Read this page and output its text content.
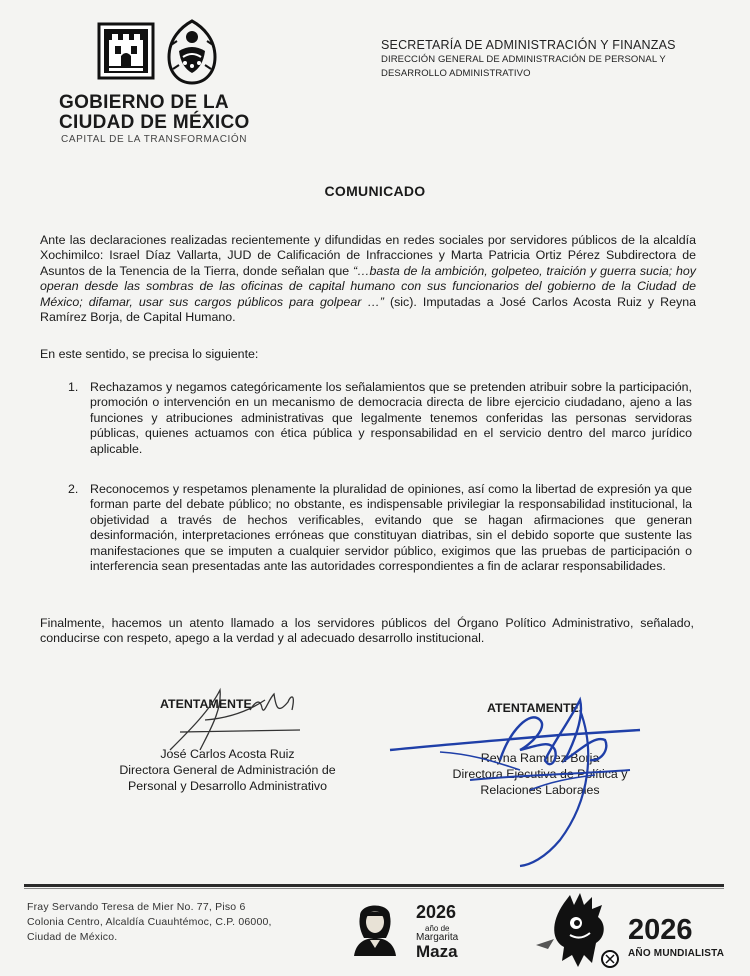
GOBIERNO DE LA
CIUDAD DE MÉXICO
CAPITAL DE LA TRANSFORMACIÓN
SECRETARÍA DE ADMINISTRACIÓN Y FINANZAS
DIRECCIÓN GENERAL DE ADMINISTRACIÓN DE PERSONAL Y
DESARROLLO ADMINISTRATIVO
COMUNICADO
Ante las declaraciones realizadas recientemente y difundidas en redes sociales por servidores públicos de la alcaldía Xochimilco: Israel Díaz Vallarta, JUD de Calificación de Infracciones y Marta Patricia Ortiz Pérez Subdirectora de Asuntos de la Tenencia de la Tierra, donde señalan que “…basta de la ambición, golpeteo, traición y guerra sucia; hoy operan desde las sombras de las oficinas de capital humano con sus funcionarios del gobierno de la Ciudad de México; difamar, usar sus cargos públicos para golpear …” (sic). Imputadas a José Carlos Acosta Ruiz y Reyna Ramírez Borja, de Capital Humano.
En este sentido, se precisa lo siguiente:
1. Rechazamos y negamos categóricamente los señalamientos que se pretenden atribuir sobre la participación, promoción o intervención en un mecanismo de democracia directa de libre ejercicio ciudadano, ajeno a las funciones y atribuciones administrativas que legalmente tenemos conferidas las personas servidoras públicas, quienes actuamos con ética pública y responsabilidad en el servicio dentro del marco jurídico aplicable.
2. Reconocemos y respetamos plenamente la pluralidad de opiniones, así como la libertad de expresión ya que forman parte del debate público; no obstante, es indispensable privilegiar la responsabilidad institucional, la objetividad a través de hechos verificables, evitando que se hagan afirmaciones que generan desinformación, interpretaciones erróneas que constituyan diatribas, sin el debido soporte que sustente las manifestaciones que se imputen a cualquier servidor público, exigimos que las pruebas de participación o interferencia sean presentadas ante las autoridades correspondientes a fin de aclarar responsabilidades.
Finalmente, hacemos un atento llamado a los servidores públicos del Órgano Político Administrativo, señalado, conducirse con respeto, apego a la verdad y al adecuado desarrollo institucional.
ATENTAMENTE
José Carlos Acosta Ruiz
Directora General de Administración de
Personal y Desarrollo Administrativo
ATENTAMENTE
Reyna Ramírez Borja
Directora Ejecutiva de Política y
Relaciones Laborales
Fray Servando Teresa de Mier No. 77, Piso 6
Colonia Centro, Alcaldía Cuauhtémoc, C.P. 06000,
Ciudad de México.
2026
año de
Margarita
Maza
2026
AÑO MUNDIALISTA
